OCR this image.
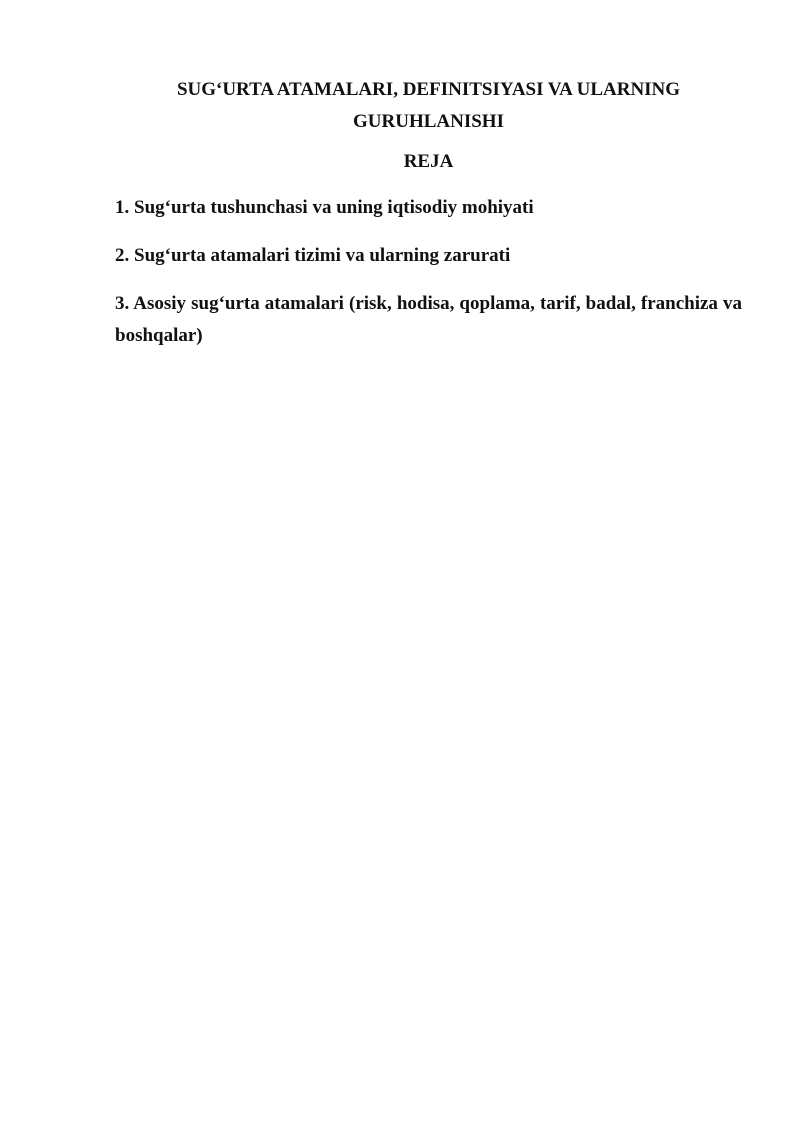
SUG‘URTA ATAMALARI, DEFINITSIYASI VA ULARNING
GURUHLANISHI
REJA
1. Sug‘urta tushunchasi va uning iqtisodiy mohiyati
2. Sug‘urta atamalari tizimi va ularning zarurati
3. Asosiy sug‘urta atamalari (risk, hodisa, qoplama, tarif, badal, franchiza va boshqalar)
